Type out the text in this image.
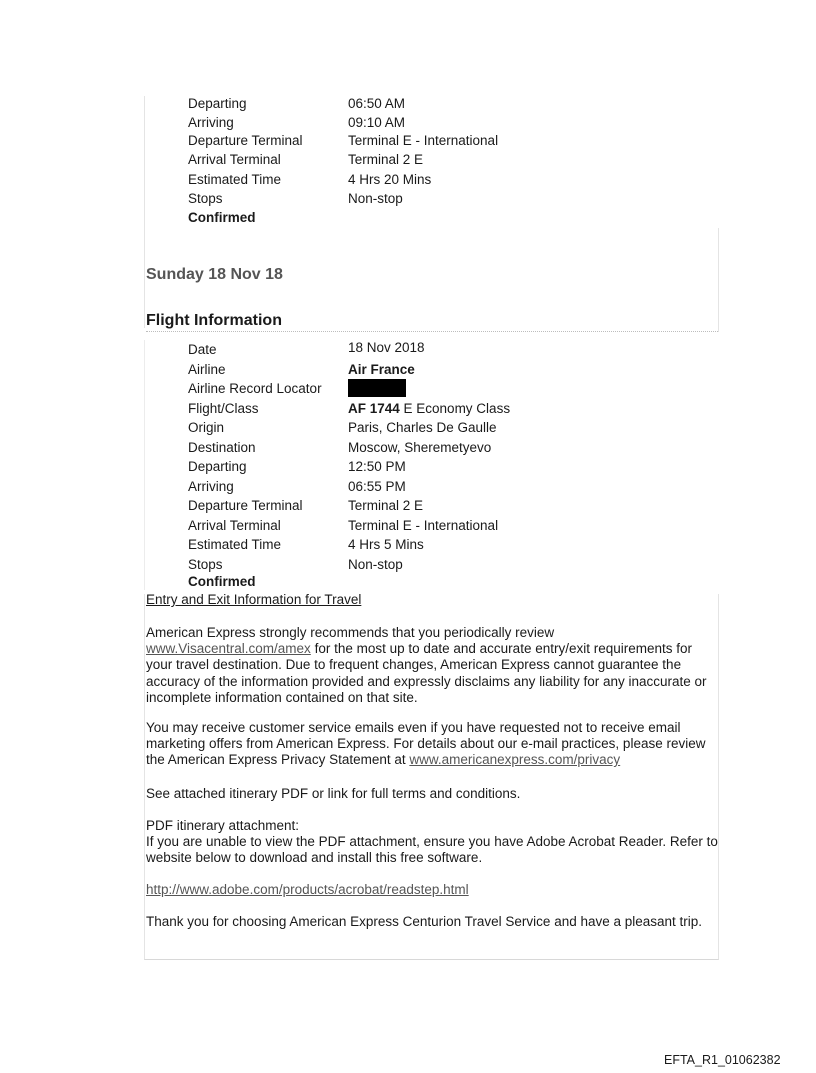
Departing	06:50 AM
Arriving	09:10 AM
Departure Terminal	Terminal E - International
Arrival Terminal	Terminal 2 E
Estimated Time	4 Hrs 20 Mins
Stops	Non-stop
Confirmed
Sunday 18 Nov 18
Flight Information
Date	18 Nov 2018
Airline	Air France
Airline Record Locator
Flight/Class	AF 1744 E Economy Class
Origin	Paris, Charles De Gaulle
Destination	Moscow, Sheremetyevo
Departing	12:50 PM
Arriving	06:55 PM
Departure Terminal	Terminal 2 E
Arrival Terminal	Terminal E - International
Estimated Time	4 Hrs 5 Mins
Stops	Non-stop
Confirmed
Entry and Exit Information for Travel

American Express strongly recommends that you periodically review www.Visacentral.com/amex for the most up to date and accurate entry/exit requirements for your travel destination. Due to frequent changes, American Express cannot guarantee the accuracy of the information provided and expressly disclaims any liability for any inaccurate or incomplete information contained on that site.

You may receive customer service emails even if you have requested not to receive email marketing offers from American Express. For details about our e-mail practices, please review the American Express Privacy Statement at www.americanexpress.com/privacy

See attached itinerary PDF or link for full terms and conditions.

PDF itinerary attachment:
If you are unable to view the PDF attachment, ensure you have Adobe Acrobat Reader. Refer to website below to download and install this free software.

http://www.adobe.com/products/acrobat/readstep.html

Thank you for choosing American Express Centurion Travel Service and have a pleasant trip.

EFTA_R1_01062382
